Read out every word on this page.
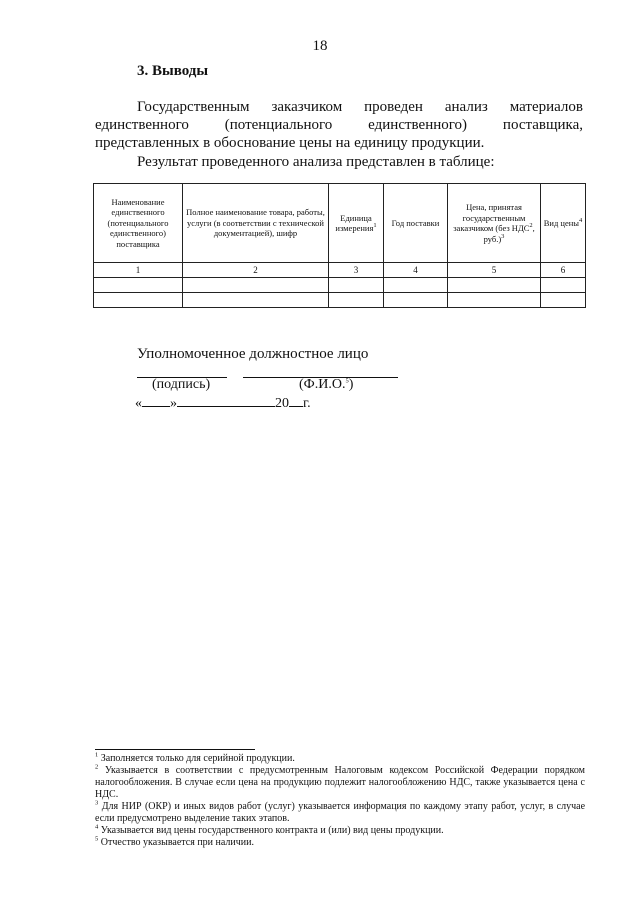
18
3. Выводы

Государственным заказчиком проведен анализ материалов единственного (потенциального единственного) поставщика, представленных в обоснование цены на единицу продукции.

Результат проведенного анализа представлен в таблице:
Наименование единственного (потенциального единственного) поставщика	Полное наименование товара, работы, услуги (в соответствии с технической документацией), шифр	Единица измерения$^1$	Год поставки	Цена, принятая государственным заказчиком (без НДС$^2$, руб.)$^3$	Вид цены$^4$
1	2	3	4	5	6

Уполномоченное должностное лицо
(подпись)	(Ф.И.О.$^5$)
« »	20 г.

$^1$ Заполняется только для серийной продукции.

$^2$ Указывается в соответствии с предусмотренным Налоговым кодексом Российской Федерации порядком налогообложения. В случае если цена на продукцию подлежит налогообложению НДС, также указывается цена с НДС.

$^3$ Для НИР (ОКР) и иных видов работ (услуг) указывается информация по каждому этапу работ, услуг, в случае если предусмотрено выделение таких этапов.

$^4$ Указывается вид цены государственного контракта и (или) вид цены продукции.

$^5$ Отчество указывается при наличии.
